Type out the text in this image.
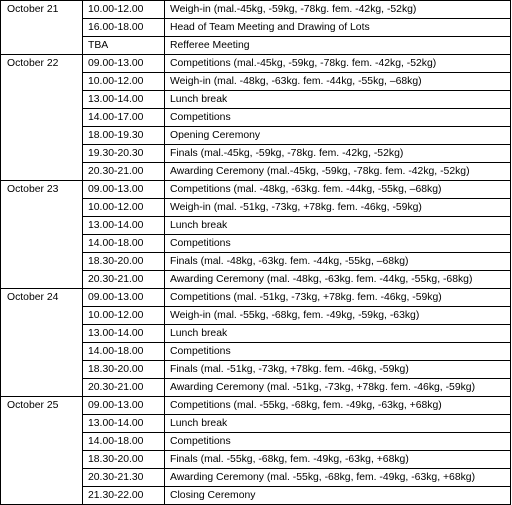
October 21	10.00-12.00	Weigh-in (mal.-45kg, -59kg, -78kg. fem. -42kg, -52kg)
	16.00-18.00	Head of Team Meeting and Drawing of Lots
	TBA	Refferee Meeting
October 22	09.00-13.00	Competitions (mal.-45kg, -59kg, -78kg. fem. -42kg, -52kg)
	10.00-12.00	Weigh-in (mal. -48kg, -63kg. fem. -44kg, -55kg, –68kg)
	13.00-14.00	Lunch break
	14.00-17.00	Competitions
	18.00-19.30	Opening Ceremony
	19.30-20.30	Finals (mal.-45kg, -59kg, -78kg. fem. -42kg, -52kg)
	20.30-21.00	Awarding Ceremony (mal.-45kg, -59kg, -78kg. fem. -42kg, -52kg)
October 23	09.00-13.00	Competitions (mal. -48kg, -63kg. fem. -44kg, -55kg, –68kg)
	10.00-12.00	Weigh-in (mal. -51kg, -73kg, +78kg. fem. -46kg, -59kg)
	13.00-14.00	Lunch break
	14.00-18.00	Competitions
	18.30-20.00	Finals (mal. -48kg, -63kg. fem. -44kg, -55kg, –68kg)
	20.30-21.00	Awarding Ceremony (mal. -48kg, -63kg. fem. -44kg, -55kg, -68kg)
October 24	09.00-13.00	Competitions (mal. -51kg, -73kg, +78kg. fem. -46kg, -59kg)
	10.00-12.00	Weigh-in (mal. -55kg, -68kg, fem. -49kg, -59kg, -63kg)
	13.00-14.00	Lunch break
	14.00-18.00	Competitions
	18.30-20.00	Finals (mal. -51kg, -73kg, +78kg. fem. -46kg, -59kg)
	20.30-21.00	Awarding Ceremony (mal. -51kg, -73kg, +78kg. fem. -46kg, -59kg)
October 25	09.00-13.00	Competitions (mal. -55kg, -68kg, fem. -49kg, -63kg, +68kg)
	13.00-14.00	Lunch break
	14.00-18.00	Competitions
	18.30-20.00	Finals (mal. -55kg, -68kg, fem. -49kg, -63kg, +68kg)
	20.30-21.30	Awarding Ceremony (mal. -55kg, -68kg, fem. -49kg, -63kg, +68kg)
	21.30-22.00	Closing Ceremony
